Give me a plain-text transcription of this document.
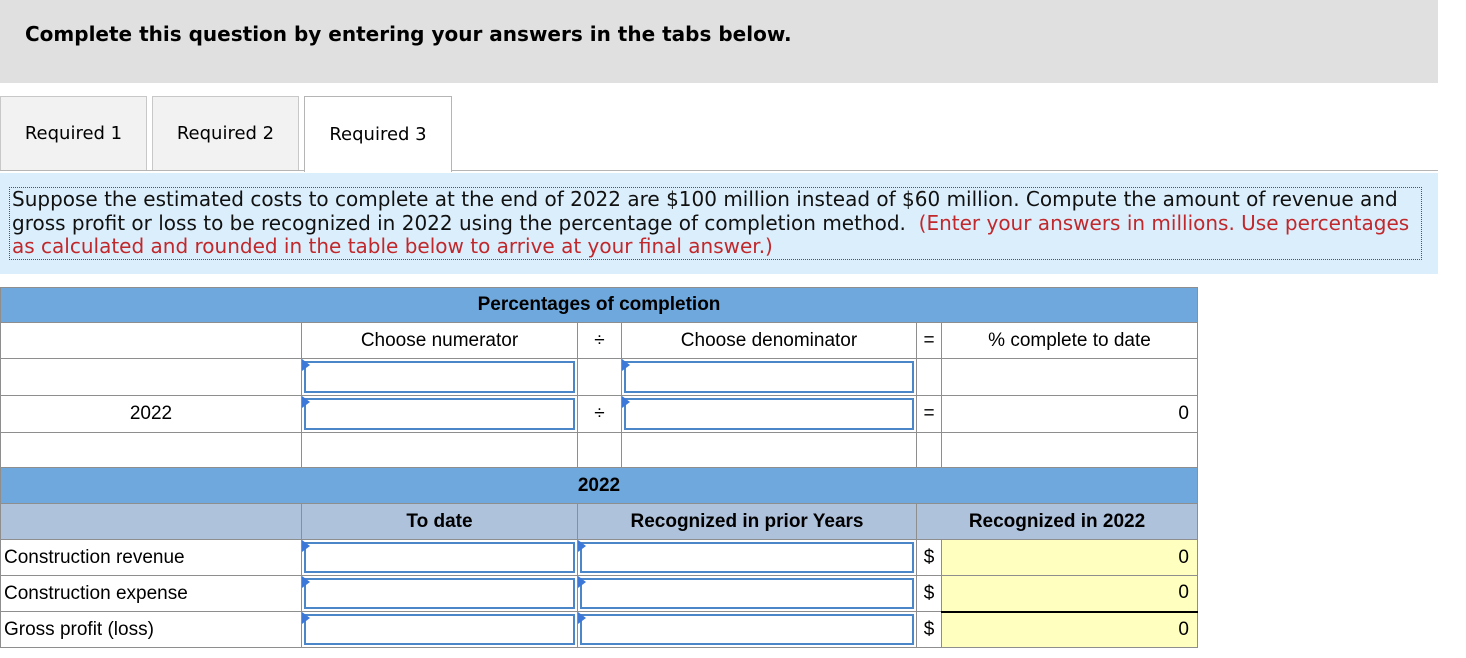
Complete this question by entering your answers in the tabs below.
Required 1	Required 2	Required 3
Suppose the estimated costs to complete at the end of 2022 are $100 million instead of $60 million. Compute the amount of revenue and gross profit or loss to be recognized in 2022 using the percentage of completion method. (Enter your answers in millions. Use percentages as calculated and rounded in the table below to arrive at your final answer.)
Percentages of completion					
	Choose numerator	÷	Choose denominator	=	% complete to date

2022		÷		=	0

2022				
	To date	Recognized in prior Years	Recognized in 2022	
Construction revenue			$	0
Construction expense			$	0
Gross profit (loss)			$	0
